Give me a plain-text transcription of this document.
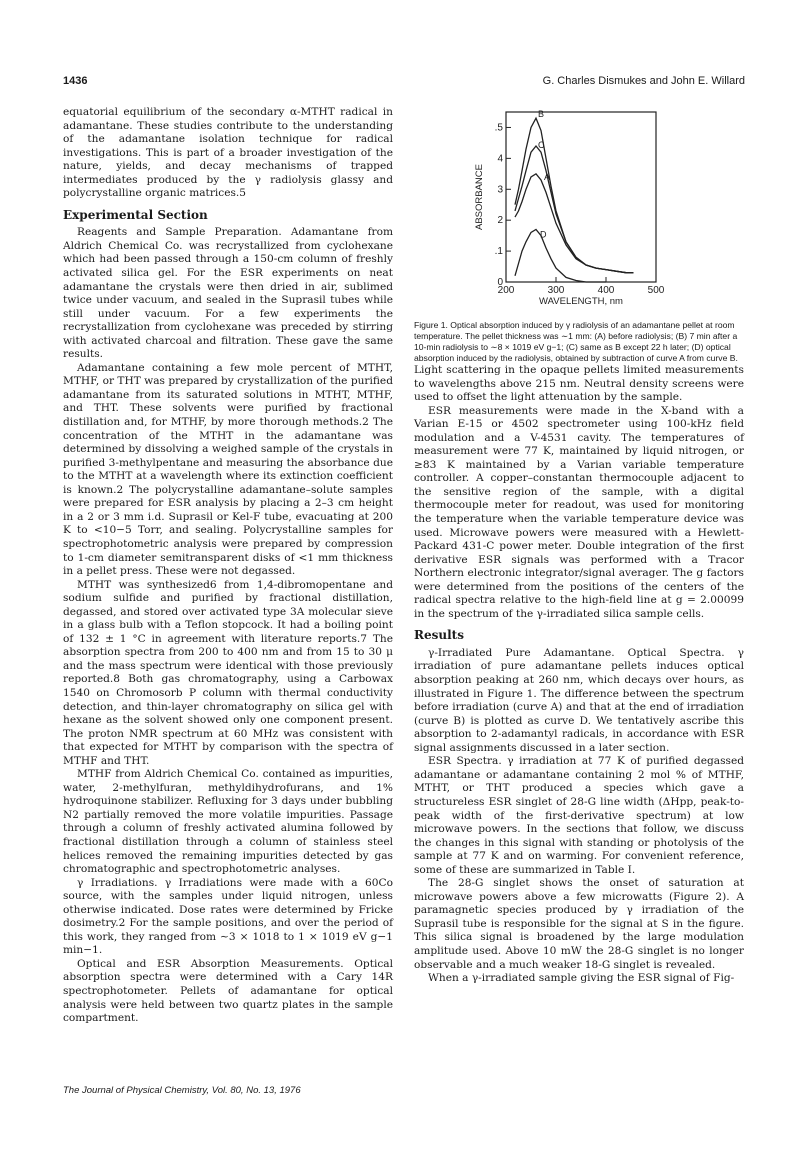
1436	G. Charles Dismukes and John E. Willard

equatorial equilibrium of the secondary α-MTHT radical in adamantane. These studies contribute to the understanding of the adamantane isolation technique for radical investigations. This is part of a broader investigation of the nature, yields, and decay mechanisms of trapped intermediates produced by the γ radiolysis glassy and polycrystalline organic matrices.5

Experimental Section

Reagents and Sample Preparation. Adamantane from Aldrich Chemical Co. was recrystallized from cyclohexane which had been passed through a 150-cm column of freshly activated silica gel. For the ESR experiments on neat adamantane the crystals were then dried in air, sublimed twice under vacuum, and sealed in the Suprasil tubes while still under vacuum. For a few experiments the recrystallization from cyclohexane was preceded by stirring with activated charcoal and filtration. These gave the same results.

Adamantane containing a few mole percent of MTHT, MTHF, or THT was prepared by crystallization of the purified adamantane from its saturated solutions in MTHT, MTHF, and THT. These solvents were purified by fractional distillation and, for MTHF, by more thorough methods.2 The concentration of the MTHT in the adamantane was determined by dissolving a weighed sample of the crystals in purified 3-methylpentane and measuring the absorbance due to the MTHT at a wavelength where its extinction coefficient is known.2 The polycrystalline adamantane–solute samples were prepared for ESR analysis by placing a 2–3 cm height in a 2 or 3 mm i.d. Suprasil or Kel-F tube, evacuating at 200 K to <10−5 Torr, and sealing. Polycrystalline samples for spectrophotometric analysis were prepared by compression to 1-cm diameter semitransparent disks of <1 mm thickness in a pellet press. These were not degassed.

MTHT was synthesized6 from 1,4-dibromopentane and sodium sulfide and purified by fractional distillation, degassed, and stored over activated type 3A molecular sieve in a glass bulb with a Teflon stopcock. It had a boiling point of 132 ± 1 °C in agreement with literature reports.7 The absorption spectra from 200 to 400 nm and from 15 to 30 μ and the mass spectrum were identical with those previously reported.8 Both gas chromatography, using a Carbowax 1540 on Chromosorb P column with thermal conductivity detection, and thin-layer chromatography on silica gel with hexane as the solvent showed only one component present. The proton NMR spectrum at 60 MHz was consistent with that expected for MTHT by comparison with the spectra of MTHF and THT.

MTHF from Aldrich Chemical Co. contained as impurities, water, 2-methylfuran, methyldihydrofurans, and 1% hydroquinone stabilizer. Refluxing for 3 days under bubbling N2 partially removed the more volatile impurities. Passage through a column of freshly activated alumina followed by fractional distillation through a column of stainless steel helices removed the remaining impurities detected by gas chromatographic and spectrophotometric analyses.

γ Irradiations. γ Irradiations were made with a 60Co source, with the samples under liquid nitrogen, unless otherwise indicated. Dose rates were determined by Fricke dosimetry.2 For the sample positions, and over the period of this work, they ranged from ∼3 × 1018 to 1 × 1019 eV g−1 min−1.

Optical and ESR Absorption Measurements. Optical absorption spectra were determined with a Cary 14R spectrophotometer. Pellets of adamantane for optical analysis were held between two quartz plates in the sample compartment.

200	300	400	500
0
.1
2
3
4
.5
WAVELENGTH, nm
ABSORBANCE
B
C
A
D

Figure 1. Optical absorption induced by γ radiolysis of an adamantane pellet at room temperature. The pellet thickness was ∼1 mm: (A) before radiolysis; (B) 7 min after a 10-min radiolysis to ∼8 × 1019 eV g−1; (C) same as B except 22 h later; (D) optical absorption induced by the radiolysis, obtained by subtraction of curve A from curve B.

Light scattering in the opaque pellets limited measurements to wavelengths above 215 nm. Neutral density screens were used to offset the light attenuation by the sample.

ESR measurements were made in the X-band with a Varian E-15 or 4502 spectrometer using 100-kHz field modulation and a V-4531 cavity. The temperatures of measurement were 77 K, maintained by liquid nitrogen, or ≥83 K maintained by a Varian variable temperature controller. A copper–constantan thermocouple adjacent to the sensitive region of the sample, with a digital thermocouple meter for readout, was used for monitoring the temperature when the variable temperature device was used. Microwave powers were measured with a Hewlett-Packard 431-C power meter. Double integration of the first derivative ESR signals was performed with a Tracor Northern electronic integrator/signal averager. The g factors were determined from the positions of the centers of the radical spectra relative to the high-field line at g = 2.00099 in the spectrum of the γ-irradiated silica sample cells.

Results

γ-Irradiated Pure Adamantane. Optical Spectra. γ irradiation of pure adamantane pellets induces optical absorption peaking at 260 nm, which decays over hours, as illustrated in Figure 1. The difference between the spectrum before irradiation (curve A) and that at the end of irradiation (curve B) is plotted as curve D. We tentatively ascribe this absorption to 2-adamantyl radicals, in accordance with ESR signal assignments discussed in a later section.

ESR Spectra. γ irradiation at 77 K of purified degassed adamantane or adamantane containing 2 mol % of MTHF, MTHT, or THT produced a species which gave a structureless ESR singlet of 28-G line width (ΔHpp, peak-to-peak width of the first-derivative spectrum) at low microwave powers. In the sections that follow, we discuss the changes in this signal with standing or photolysis of the sample at 77 K and on warming. For convenient reference, some of these are summarized in Table I.

The 28-G singlet shows the onset of saturation at microwave powers above a few microwatts (Figure 2). A paramagnetic species produced by γ irradiation of the Suprasil tube is responsible for the signal at S in the figure. This silica signal is broadened by the large modulation amplitude used. Above 10 mW the 28-G singlet is no longer observable and a much weaker 18-G singlet is revealed.

When a γ-irradiated sample giving the ESR signal of Fig-

The Journal of Physical Chemistry, Vol. 80, No. 13, 1976
